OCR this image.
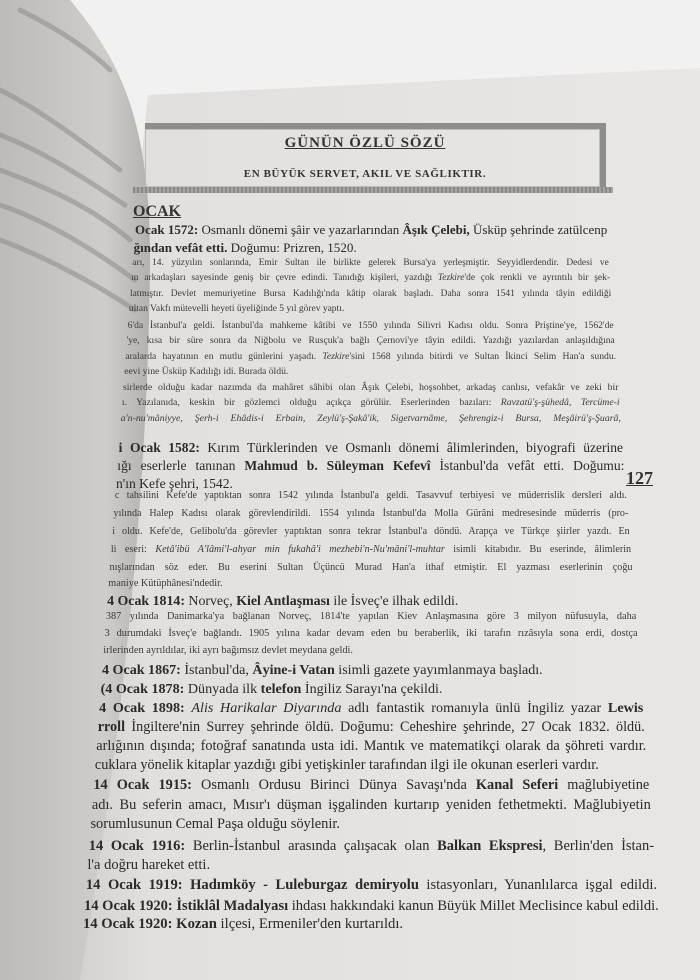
GÜNÜN ÖZLÜ SÖZÜ
EN BÜYÜK SERVET, AKIL VE SAĞLIKTIR.
OCAK
127
Ocak 1572: Osmanlı dönemi şâir ve yazarlarından Âşık Çelebi, Üsküp şehrinde zatülcenp
ğından vefât etti. Doğumu: Prizren, 1520.
arı, 14. yüzyılın sonlarında, Emir Sultan ile birlikte gelerek Bursa'ya yerleşmiştir. Seyyidlerdendir. Dedesi ve
ın arkadaşları sayesinde geniş bir çevre edindi. Tanıdığı kişileri, yazdığı Tezkire'de çok renkli ve ayrıntılı bir şek-
latmıştır. Devlet memuriyetine Bursa Kadılığı'nda kâtip olarak başladı. Daha sonra 1541 yılında tâyin edildiği
ultan Vakfı mütevelli heyeti üyeliğinde 5 yıl görev yaptı.
6'da İstanbul'a geldi. İstanbul'da mahkeme kâtibi ve 1550 yılında Silivri Kadısı oldu. Sonra Priştine'ye, 1562'de
'ye, kısa bir süre sonra da Niğbolu ve Rusçuk'a bağlı Çernovi'ye tâyin edildi. Yazdığı yazılardan anlaşıldığına
aralarda hayatının en mutlu günlerini yaşadı. Tezkire'sini 1568 yılında bitirdi ve Sultan İkinci Selim Han'a sundu.
eevi yine Üsküp Kadılığı idi. Burada öldü.
sirlerde olduğu kadar nazımda da mahâret sâhibi olan Âşık Çelebi, hoşsohbet, arkadaş canlısı, vefakâr ve zeki bir
ı. Yazılanıda, keskin bir gözlemci olduğu açıkça görülür. Eserlerinden bazıları: Ravzatü'ş-şühedâ, Tercüme-i
a'n-nu'mâniyye, Şerh-i Ehâdis-i Erbain, Zeylü'ş-Şakâ'ik, Sigetvarnâme, Şehrengiz-i Bursa, Meşâirü'ş-Şuarâ,
i Ocak 1582: Kırım Türklerinden ve Osmanlı dönemi âlimlerinden, biyografi üzerine
ığı eserlerle tanınan Mahmud b. Süleyman Kefevî İstanbul'da vefât etti. Doğumu:
n'ın Kefe şehri, 1542.
c tahsilini Kefe'de yaptıktan sonra 1542 yılında İstanbul'a geldi. Tasavvuf terbiyesi ve müderrislik dersleri aldı.
yılında Halep Kadısı olarak görevlendirildi. 1554 yılında İstanbul'da Molla Gürâni medresesinde müderris (pro-
i oldu. Kefe'de, Gelibolu'da görevler yaptıktan sonra tekrar İstanbul'a döndü. Arapça ve Türkçe şiirler yazdı. En
li eseri: Ketâ'ibü A'lâmi'l-ahyar min fukahâ'i mezhebi'n-Nu'mâni'l-muhtar isimli kitabıdır. Bu eserinde, âlimlerin
nışlarından söz eder. Bu eserini Sultan Üçüncü Murad Han'a ithaf etmiştir. El yazması eserlerinin çoğu
maniye Kütüphânesi'ndedir.
4 Ocak 1814: Norveç, Kiel Antlaşması ile İsveç'e ilhak edildi.
387 yılında Danimarka'ya bağlanan Norveç, 1814'te yapılan Kiev Anlaşmasına göre 3 milyon nüfusuyla, daha
3 durumdaki İsveç'e bağlandı. 1905 yılına kadar devam eden bu beraberlik, iki tarafın rızâsıyla sona erdi, dostça
irlerinden ayrıldılar, iki ayrı bağımsız devlet meydana geldi.
4 Ocak 1867: İstanbul'da, Âyine-i Vatan isimli gazete yayımlanmaya başladı.
(4 Ocak 1878: Dünyada ilk telefon İngiliz Sarayı'na çekildi.
4 Ocak 1898: Alis Harikalar Diyarında adlı fantastik romanıyla ünlü İngiliz yazar Lewis
rroll İngiltere'nin Surrey şehrinde öldü. Doğumu: Ceheshire şehrinde, 27 Ocak 1832. öldü.
arlığının dışında; fotoğraf sanatında usta idi. Mantık ve matematikçi olarak da şöhreti vardır.
cuklara yönelik kitaplar yazdığı gibi yetişkinler tarafından ilgi ile okunan eserleri vardır.
14 Ocak 1915: Osmanlı Ordusu Birinci Dünya Savaşı'nda Kanal Seferi mağlubiyetine
adı. Bu seferin amacı, Mısır'ı düşman işgalinden kurtarıp yeniden fethetmekti. Mağlubiyetin
sorumlusunun Cemal Paşa olduğu söylenir.
14 Ocak 1916: Berlin-İstanbul arasında çalışacak olan Balkan Ekspresi, Berlin'den İstan-
l'a doğru hareket etti.
14 Ocak 1919: Hadımköy - Luleburgaz demiryolu istasyonları, Yunanlılarca işgal edildi.
14 Ocak 1920: İstiklâl Madalyası ihdası hakkındaki kanun Büyük Millet Meclisince kabul edildi.
14 Ocak 1920: Kozan ilçesi, Ermeniler'den kurtarıldı.
